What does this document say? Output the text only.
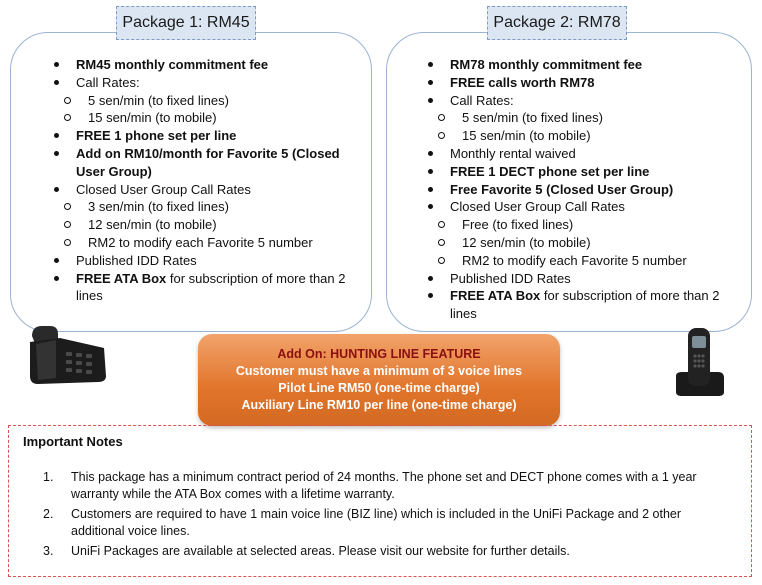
Package 1: RM45	Package 2: RM78
RM45 monthly commitment fee
Call Rates:
5 sen/min (to fixed lines)
15 sen/min (to mobile)
FREE 1 phone set per line
Add on RM10/month for Favorite 5 (Closed User Group)
Closed User Group Call Rates
3 sen/min (to fixed lines)
12 sen/min (to mobile)
RM2 to modify each Favorite 5 number
Published IDD Rates
FREE ATA Box for subscription of more than 2 lines
RM78 monthly commitment fee
FREE calls worth RM78
Call Rates:
5 sen/min (to fixed lines)
15 sen/min (to mobile)
Monthly rental waived
FREE 1 DECT phone set per line
Free Favorite 5 (Closed User Group)
Closed User Group Call Rates
Free (to fixed lines)
12 sen/min (to mobile)
RM2 to modify each Favorite 5 number
Published IDD Rates
FREE ATA Box for subscription of more than 2 lines
Add On: HUNTING LINE FEATURE
Customer must have a minimum of 3 voice lines
Pilot Line RM50 (one-time charge)
Auxiliary Line RM10 per line (one-time charge)
Important Notes
1. This package has a minimum contract period of 24 months. The phone set and DECT phone comes with a 1 year warranty while the ATA Box comes with a lifetime warranty.
2. Customers are required to have 1 main voice line (BIZ line) which is included in the UniFi Package and 2 other additional voice lines.
3. UniFi Packages are available at selected areas. Please visit our website for further details.
